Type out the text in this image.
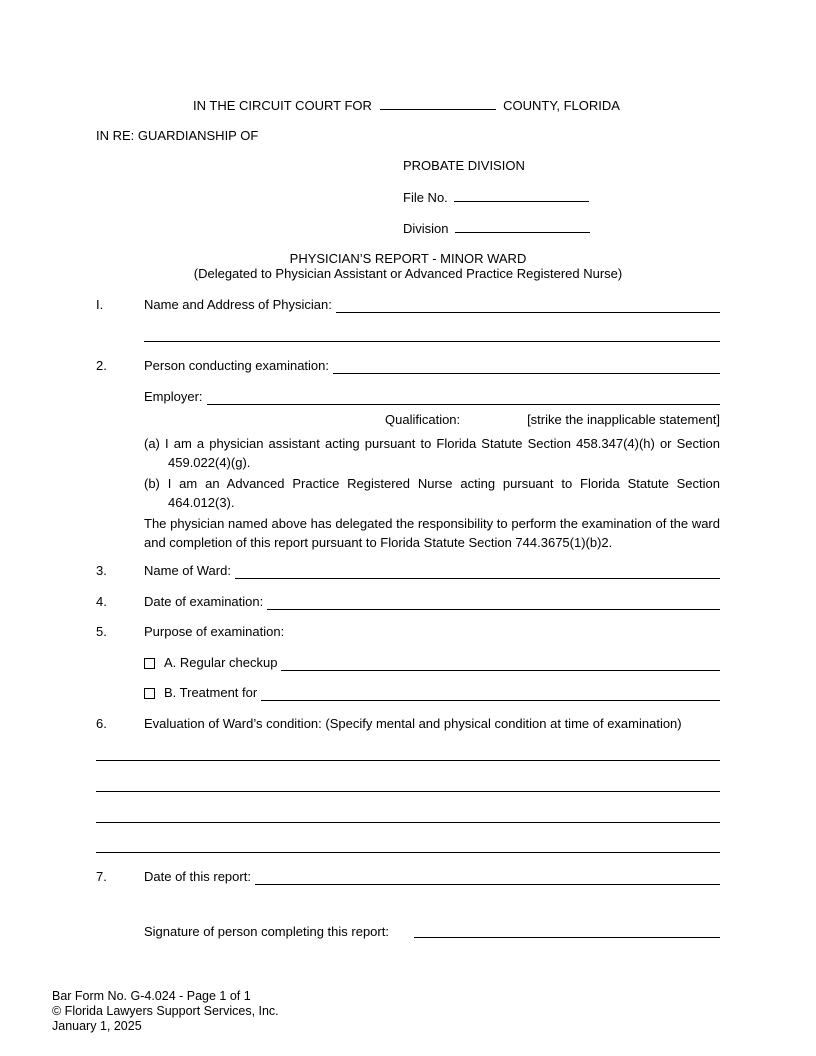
IN THE CIRCUIT COURT FOR	COUNTY, FLORIDA
IN RE: GUARDIANSHIP OF
PROBATE DIVISION
File No.
Division
PHYSICIAN’S REPORT - MINOR WARD
(Delegated to Physician Assistant or Advanced Practice Registered Nurse)
I.	Name and Address of Physician:
2.	Person conducting examination:
Employer:
Qualification:	[strike the inapplicable statement]
(a) I am a physician assistant acting pursuant to Florida Statute Section 458.347(4)(h) or Section 459.022(4)(g).
(b) I am an Advanced Practice Registered Nurse acting pursuant to Florida Statute Section 464.012(3).
The physician named above has delegated the responsibility to perform the examination of the ward and completion of this report pursuant to Florida Statute Section 744.3675(1)(b)2.
3.	Name of Ward:
4.	Date of examination:
5.	Purpose of examination:
A. Regular checkup
B. Treatment for
6.	Evaluation of Ward’s condition: (Specify mental and physical condition at time of examination)
7.	Date of this report:
Signature of person completing this report:
Bar Form No. G-4.024 - Page 1 of 1
© Florida Lawyers Support Services, Inc.
January 1, 2025
